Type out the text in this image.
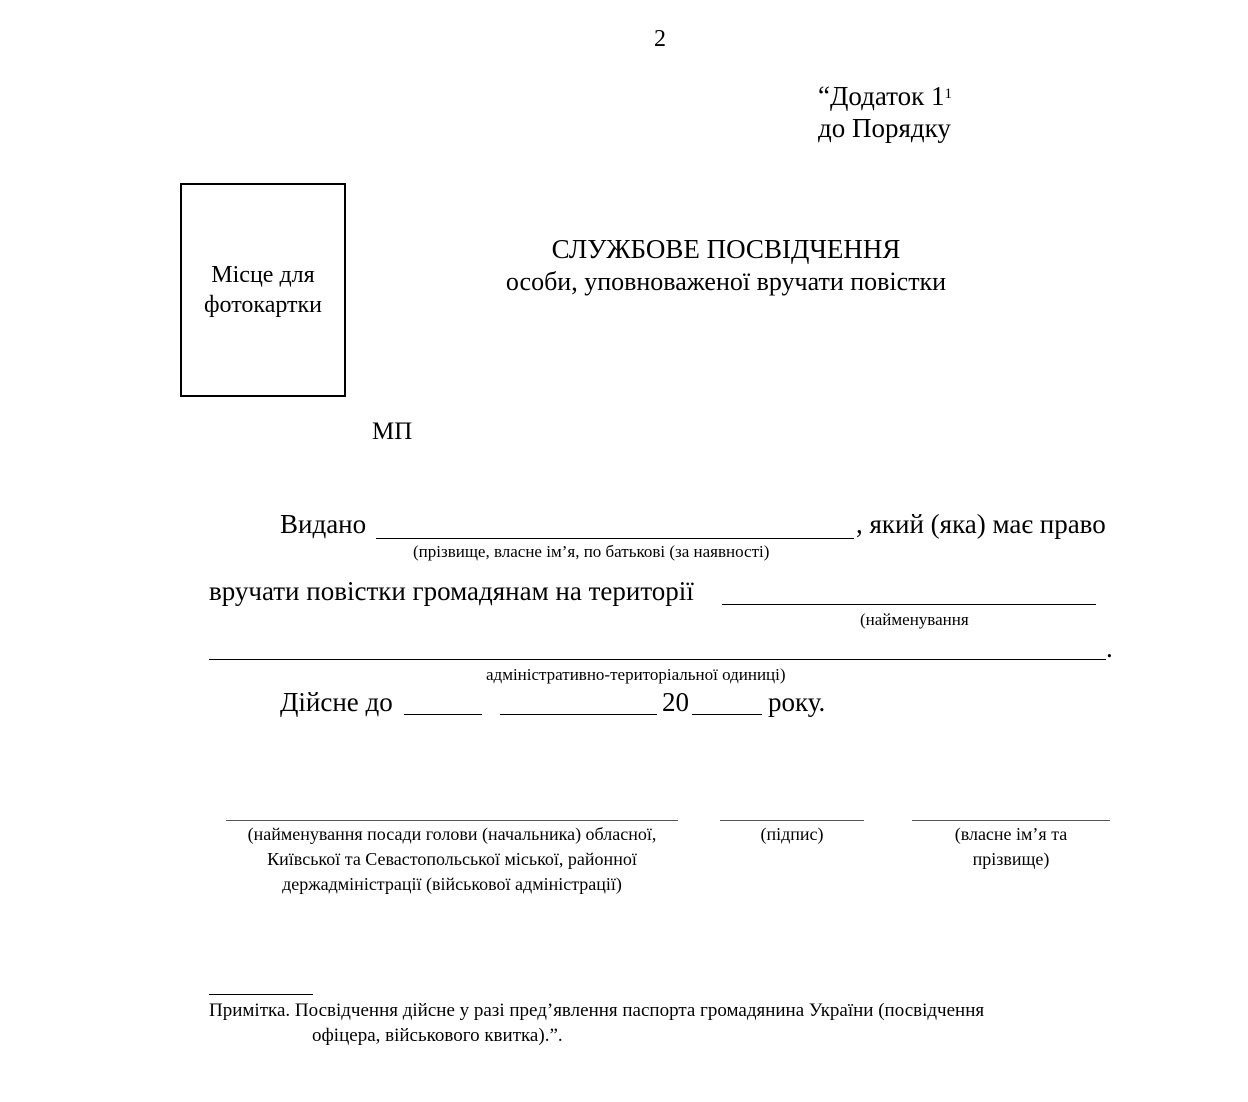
2
“Додаток $1^1$
до Порядку
Місце для
фотокартки
СЛУЖБОВЕ ПОСВІДЧЕННЯ
особи, уповноваженої вручати повістки
МП
Видано	, який (яка) має право
(прізвище, власне ім’я, по батькові (за наявності)
вручати повістки громадянам на території
(найменування
.
адміністративно-територіальної одиниці)
Дійсне до	20	року.
(найменування посади голови (начальника) обласної,
Київської та Севастопольської міської, районної
держадміністрації (військової адміністрації)
(підпис)	(власне ім’я та
прізвище)
Примітка. Посвідчення дійсне у разі пред’явлення паспорта громадянина України (посвідчення
офіцера, військового квитка).”.
